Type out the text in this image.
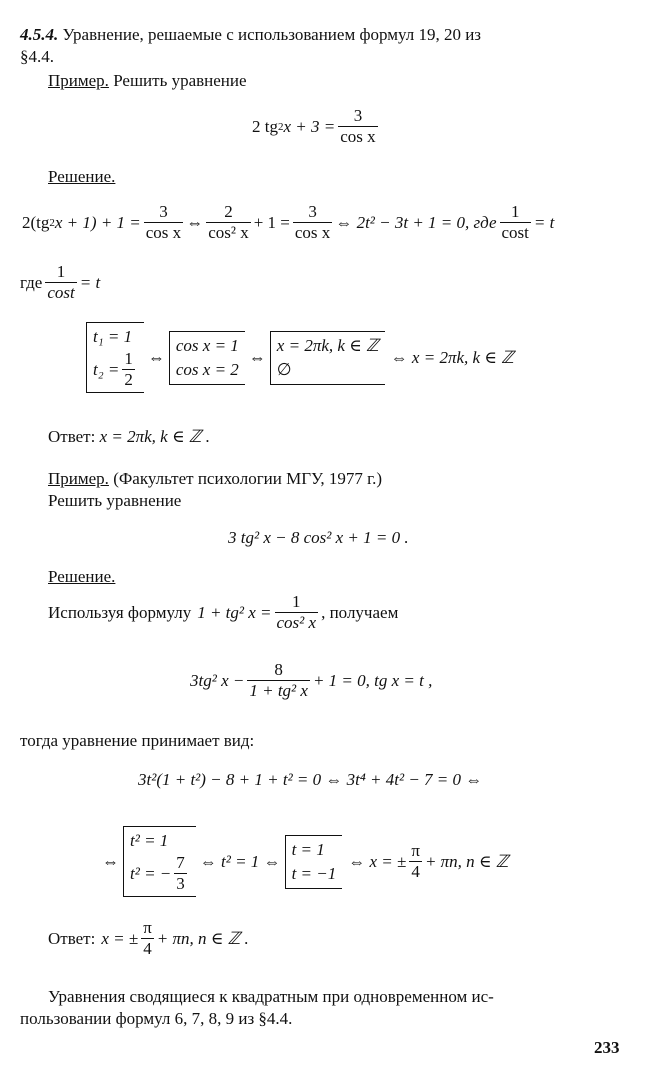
4.5.4. Уравнение, решаемые с использованием формул 19, 20 из
§4.4.
Пример. Решить уравнение
2 tg 2 $x + 3 = \frac{3}{\text{cos x}}$
Решение.
2(tg 2 $x + 1) + 1 = \frac{3}{\text{cos x}}$ ⇔ $\frac{2}{\text{cos² x}} + 1 = \frac{3}{\text{cos x}}$ ⇔ 2t² − 3t + 1 = 0, где $\frac{1}{\cos t} = t$
где $\frac{1}{\cos t} = t$
t₁ = 1
$t_2 = \frac{1}{2}$ ⇔
cos x = 1
cos x = 2
⇔
x = 2πk, k ∈ ℤ
∅
⇔ x = 2πk, k ∈ ℤ
Ответ: x = 2πk, k ∈ ℤ .
Пример. (Факультет психологии МГУ, 1977 г.)
Решить уравнение
3 tg² x − 8 cos² x + 1 = 0 .
Решение.
Используя формулу 1 + tg² $x = \frac{1}{\text{cos² x}}$ , получаем
3tg² $x - \frac{8}{\text{1 + tg² x}} + 1 = 0$, tg x = t ,
тогда уравнение принимает вид:
3t²(1 + t²) − 8 + 1 + t² = 0 ⇔ 3t⁴ + 4t² − 7 = 0 ⇔
⇔
t² = 1
t² = − $\frac{7}{3}$ ⇔ t² = 1 ⇔
t = 1
t = −1
⇔ x = ± $\frac{\pi}{4} + \pi n$, n ∈ ℤ
Ответ: x = ± $\frac{\pi}{4} + \pi n$, n ∈ ℤ .
Уравнения сводящиеся к квадратным при одновременном ис-
пользовании формул 6, 7, 8, 9 из §4.4.
233
